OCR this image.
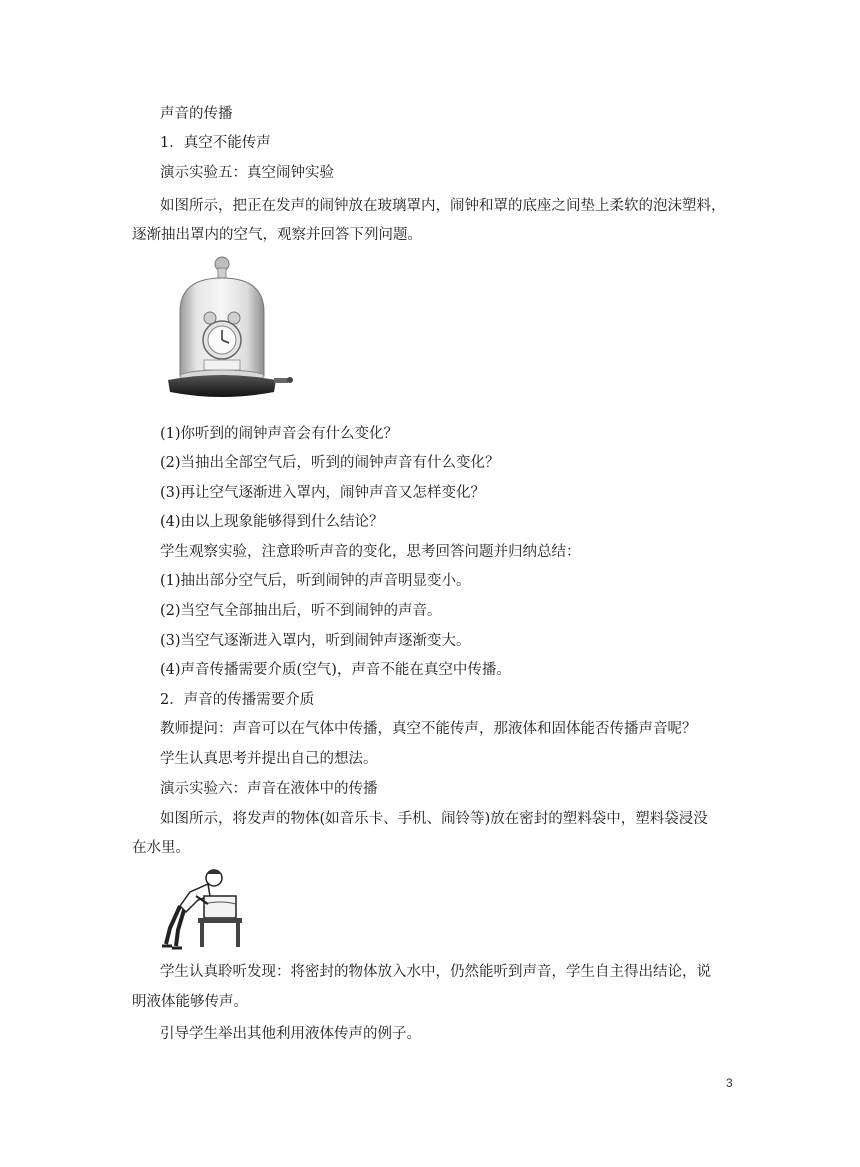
声音的传播
1．真空不能传声
演示实验五：真空闹钟实验
如图所示，把正在发声的闹钟放在玻璃罩内，闹钟和罩的底座之间垫上柔软的泡沫塑料，
逐渐抽出罩内的空气，观察并回答下列问题。
(1)你听到的闹钟声音会有什么变化？
(2)当抽出全部空气后，听到的闹钟声音有什么变化？
(3)再让空气逐渐进入罩内，闹钟声音又怎样变化？
(4)由以上现象能够得到什么结论？
学生观察实验，注意聆听声音的变化，思考回答问题并归纳总结：
(1)抽出部分空气后，听到闹钟的声音明显变小。
(2)当空气全部抽出后，听不到闹钟的声音。
(3)当空气逐渐进入罩内，听到闹钟声逐渐变大。
(4)声音传播需要介质(空气)，声音不能在真空中传播。
2．声音的传播需要介质
教师提问：声音可以在气体中传播，真空不能传声，那液体和固体能否传播声音呢？
学生认真思考并提出自己的想法。
演示实验六：声音在液体中的传播
如图所示，将发声的物体(如音乐卡、手机、闹铃等)放在密封的塑料袋中，塑料袋浸没
在水里。
学生认真聆听发现：将密封的物体放入水中，仍然能听到声音，学生自主得出结论，说
明液体能够传声。
引导学生举出其他利用液体传声的例子。
3
